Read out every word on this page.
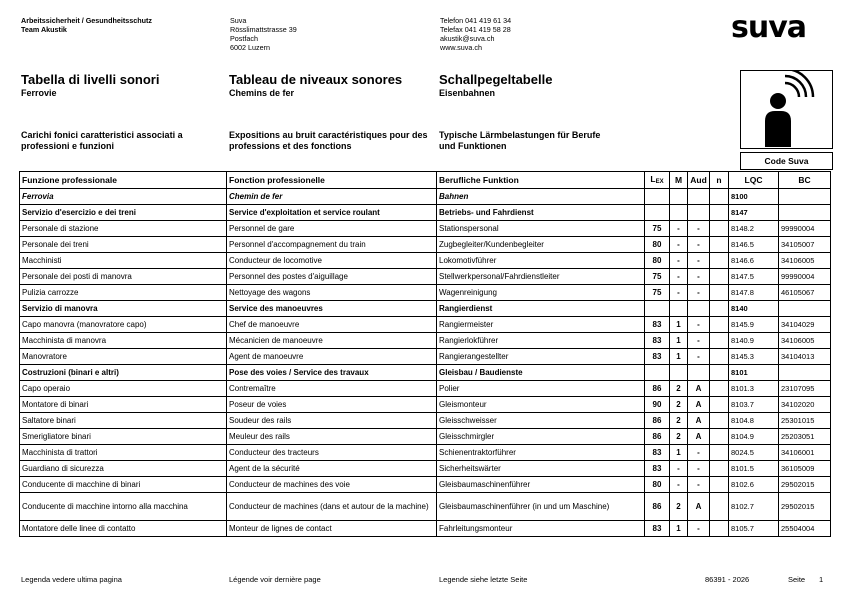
Arbeitssicherheit / Gesundheitsschutz
Team Akustik
Suva
Rösslimattstrasse 39
Postfach
6002 Luzern
Telefon 041 419 61 34
Telefax 041 419 58 28
akustik@suva.ch
www.suva.ch
suva
Code Suva
Tabella di livelli sonori
Ferrovie
Tableau de niveaux sonores
Chemins de fer
Schallpegeltabelle
Eisenbahnen
Carichi fonici caratteristici associati a professioni e funzioni
Expositions au bruit caractéristiques pour des professions et des fonctions
Typische Lärmbelastungen für Berufe und Funktionen
Funzione professionale	Fonction professionelle	Berufliche Funktion	LEX	M	Aud	n	LQC	BC
Ferrovia	Chemin de fer	Bahnen					8100	
Servizio d'esercizio e dei treni	Service d'exploitation et service roulant	Betriebs- und Fahrdienst					8147	
Personale di stazione	Personnel de gare	Stationspersonal	75	-	-		8148.2	99990004
Personale dei treni	Personnel d'accompagnement du train	Zugbegleiter/Kundenbegleiter	80	-	-		8146.5	34105007
Macchinisti	Conducteur de locomotive	Lokomotivführer	80	-	-		8146.6	34106005
Personale dei posti di manovra	Personnel des postes d'aiguillage	Stellwerkpersonal/Fahrdienstleiter	75	-	-		8147.5	99990004
Pulizia carrozze	Nettoyage des wagons	Wagenreinigung	75	-	-		8147.8	46105067
Servizio di manovra	Service des manoeuvres	Rangierdienst					8140	
Capo manovra (manovratore capo)	Chef de manoeuvre	Rangiermeister	83	1	-		8145.9	34104029
Macchinista di manovra	Mécanicien de manoeuvre	Rangierlokführer	83	1	-		8140.9	34106005
Manovratore	Agent de manoeuvre	Rangierangestellter	83	1	-		8145.3	34104013
Costruzioni (binari e altri)	Pose des voies / Service des travaux	Gleisbau / Baudienste					8101	
Capo operaio	Contremaître	Polier	86	2	A		8101.3	23107095
Montatore di binari	Poseur de voies	Gleismonteur	90	2	A		8103.7	34102020
Saltatore binari	Soudeur des rails	Gleisschweisser	86	2	A		8104.8	25301015
Smerigliatore binari	Meuleur des rails	Gleisschmirgler	86	2	A		8104.9	25203051
Macchinista di trattori	Conducteur des tracteurs	Schienentraktorführer	83	1	-		8024.5	34106001
Guardiano di sicurezza	Agent de la sécurité	Sicherheitswärter	83	-	-		8101.5	36105009
Conducente di macchine di binari	Conducteur de machines des voie	Gleisbaumaschinenführer	80	-	-		8102.6	29502015
Conducente di macchine intorno alla macchina	Conducteur de machines (dans et autour de la machine)	Gleisbaumaschinenführer (in und um Maschine)	86	2	A		8102.7	29502015
Montatore delle linee di contatto	Monteur de lignes de contact	Fahrleitungsmonteur	83	1	-		8105.7	25504004
Legenda vedere ultima pagina	Légende voir dernière page	Legende siehe letzte Seite	86391 - 2026	Seite 1
